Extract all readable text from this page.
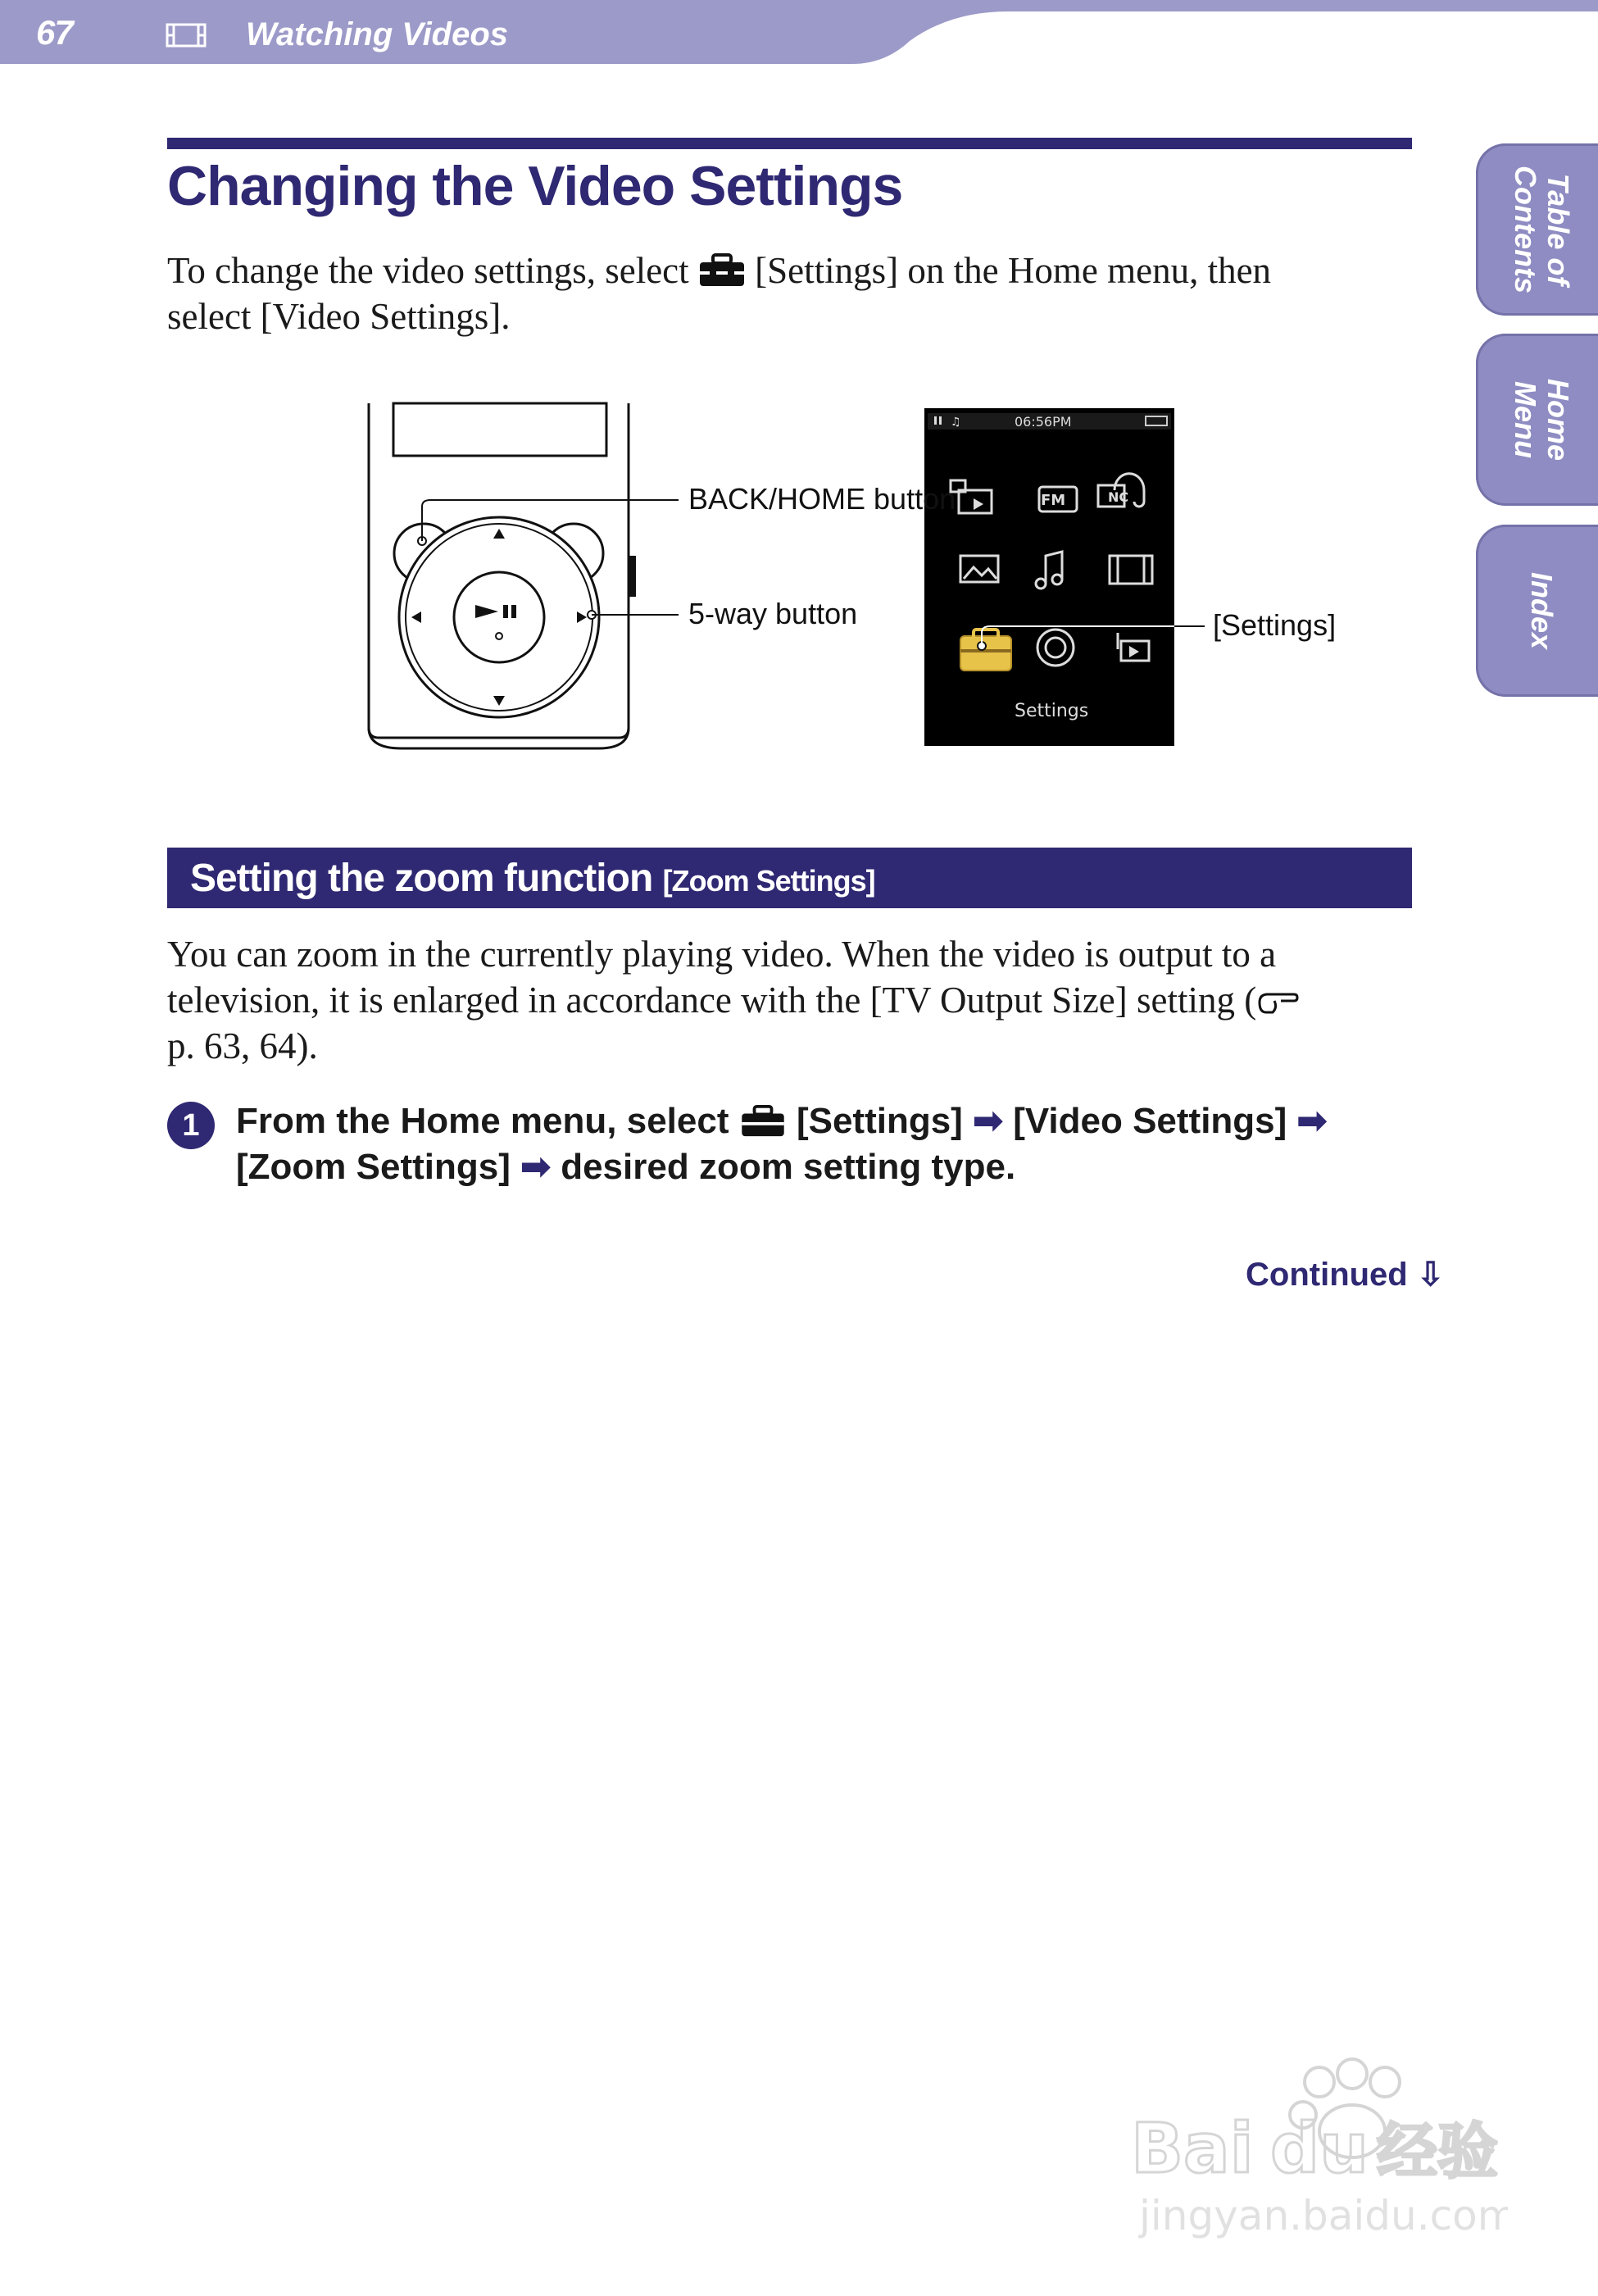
67	Watching Videos
Table of
Contents
Home
Menu
Index
Changing the Video Settings
To change the video settings, select [Settings] on the Home menu, then
select [Video Settings].
♫
FM	NC
06:56PM
Settings
BACK/HOME button
5-way button	[Settings]
Setting the zoom function [Zoom Settings]
You can zoom in the currently playing video. When the video is output to a
television, it is enlarged in accordance with the [TV Output Size] setting (
p. 63, 64).
1	From the Home menu, select [Settings] ➡ [Video Settings] ➡
[Zoom Settings] ➡ desired zoom setting type.
Continued ⇩
Bai du 经验
jingyan.baidu.com
